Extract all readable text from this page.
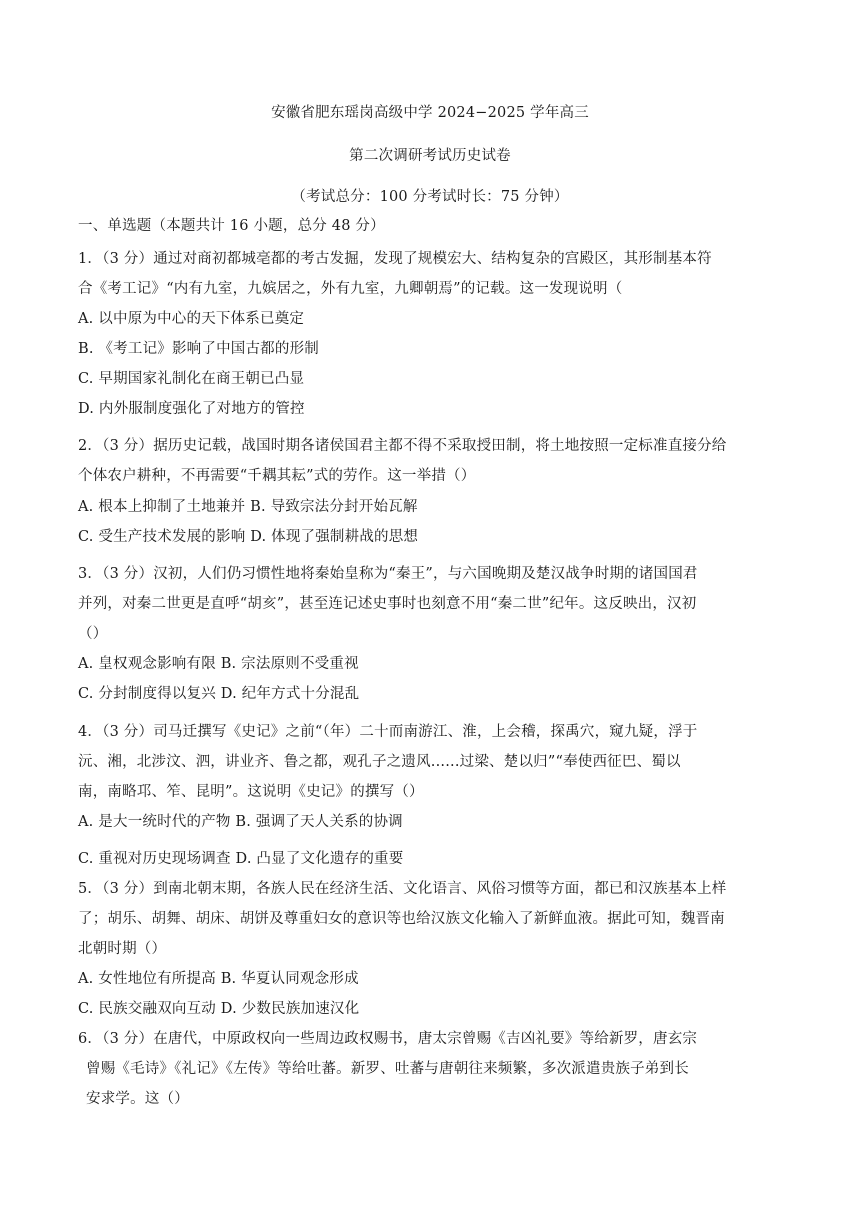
安徽省肥东瑶岗高级中学 2024−2025 学年高三
第二次调研考试历史试卷
（考试总分：100 分考试时长：75 分钟）
一、单选题（本题共计 16 小题，总分 48 分）
1．（3 分）通过对商初都城亳都的考古发掘，发现了规模宏大、结构复杂的宫殿区，其形制基本符
合《考工记》“内有九室，九嫔居之，外有九室，九卿朝焉”的记载。这一发现说明（
A. 以中原为中心的天下体系已奠定
B. 《考工记》影响了中国古都的形制
C. 早期国家礼制化在商王朝已凸显
D. 内外服制度强化了对地方的管控
2．（3 分）据历史记载，战国时期各诸侯国君主都不得不采取授田制，将土地按照一定标准直接分给
个体农户耕种，不再需要“千耦其耘”式的劳作。这一举措（）
A. 根本上抑制了土地兼并 B. 导致宗法分封开始瓦解
C. 受生产技术发展的影响 D. 体现了强制耕战的思想
3．（3 分）汉初，人们仍习惯性地将秦始皇称为“秦王”，与六国晚期及楚汉战争时期的诸国国君
并列，对秦二世更是直呼“胡亥”，甚至连记述史事时也刻意不用“秦二世”纪年。这反映出，汉初
（）
A. 皇权观念影响有限 B. 宗法原则不受重视
C. 分封制度得以复兴 D. 纪年方式十分混乱
4．（3 分）司马迁撰写《史记》之前“（年）二十而南游江、淮，上会稽，探禹穴，窥九疑，浮于
沅、湘，北涉汶、泗，讲业齐、鲁之都，观孔子之遗风......过梁、楚以归”“奉使西征巴、蜀以
南，南略邛、笮、昆明”。这说明《史记》的撰写（）
A. 是大一统时代的产物 B. 强调了天人关系的协调
C. 重视对历史现场调查 D. 凸显了文化遗存的重要
5．（3 分）到南北朝末期，各族人民在经济生活、文化语言、风俗习惯等方面，都已和汉族基本上样
了；胡乐、胡舞、胡床、胡饼及尊重妇女的意识等也给汉族文化输入了新鲜血液。据此可知，魏晋南
北朝时期（）
A. 女性地位有所提高 B. 华夏认同观念形成
C. 民族交融双向互动 D. 少数民族加速汉化
6．（3 分）在唐代，中原政权向一些周边政权赐书，唐太宗曾赐《吉凶礼要》等给新罗，唐玄宗
曾赐《毛诗》《礼记》《左传》等给吐蕃。新罗、吐蕃与唐朝往来频繁，多次派遣贵族子弟到长
安求学。这（）
